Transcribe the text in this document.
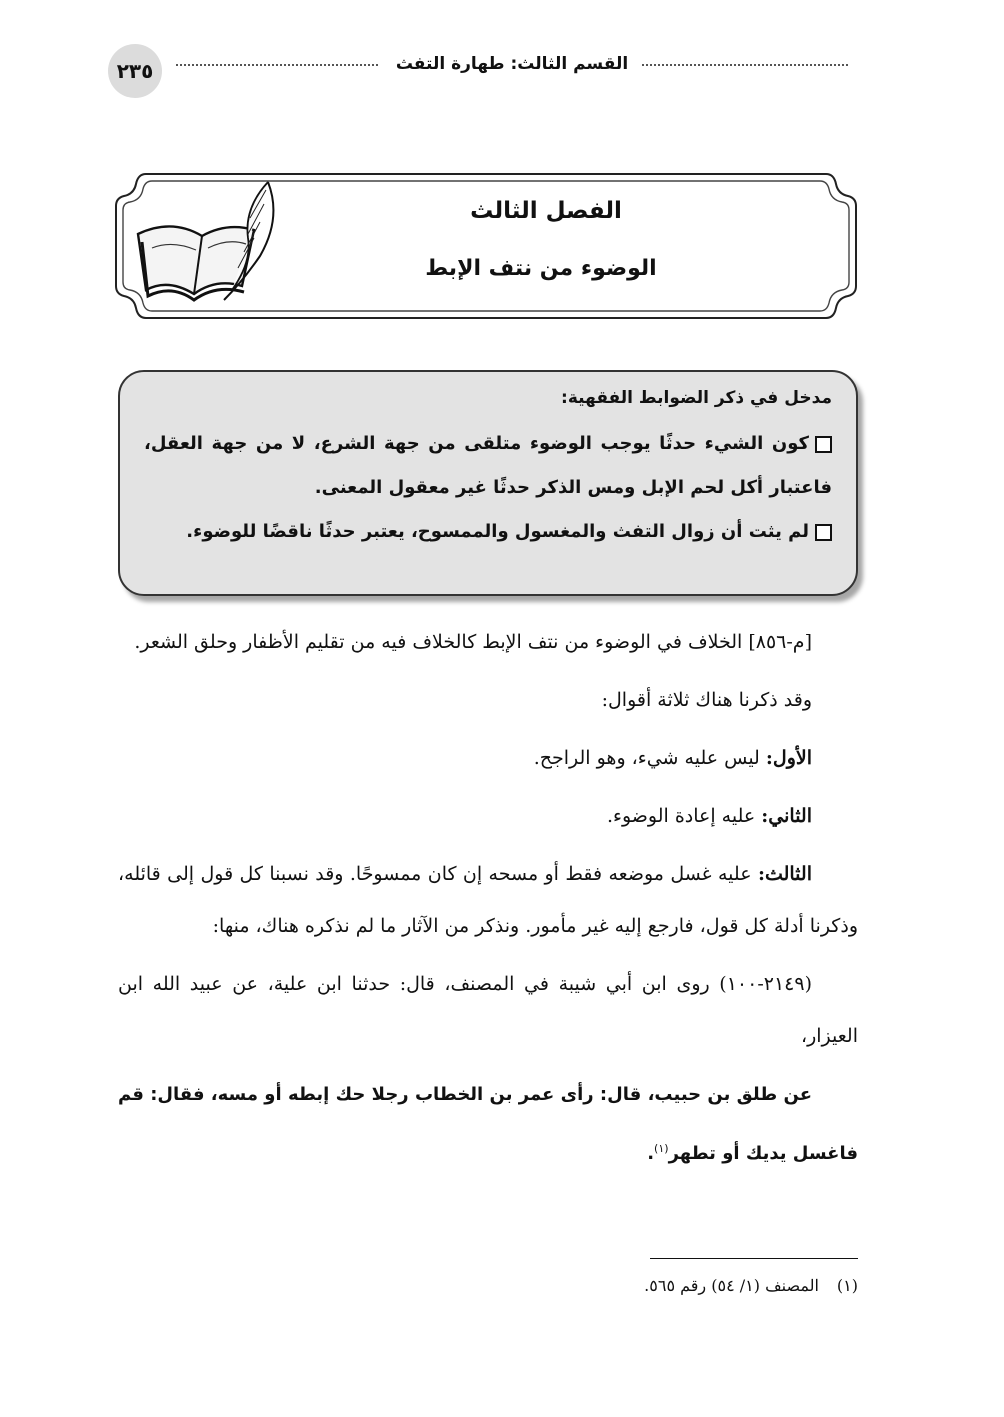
٢٣٥	القسم الثالث: طهارة التفث
الفصل الثالث
الوضوء من نتف الإبط

مدخل في ذكر الضوابط الفقهية:

كون الشيء حدثًا يوجب الوضوء متلقى من جهة الشرع، لا من جهة العقل، فاعتبار أكل لحم الإبل ومس الذكر حدثًا غير معقول المعنى.

لم يثت أن زوال التفث والمغسول والممسوح، يعتبر حدثًا ناقضًا للوضوء.

[م-٨٥٦] الخلاف في الوضوء من نتف الإبط كالخلاف فيه من تقليم الأظفار وحلق الشعر.

وقد ذكرنا هناك ثلاثة أقوال:

الأول: ليس عليه شيء، وهو الراجح.

الثاني: عليه إعادة الوضوء.

الثالث: عليه غسل موضعه فقط أو مسحه إن كان ممسوحًا. وقد نسبنا كل قول إلى قائله، وذكرنا أدلة كل قول، فارجع إليه غير مأمور. ونذكر من الآثار ما لم نذكره هناك، منها:

(٢١٤٩-١٠٠) روى ابن أبي شيبة في المصنف، قال: حدثنا ابن علية، عن عبيد الله ابن العيزار،

عن طلق بن حبيب، قال: رأى عمر بن الخطاب رجلا حك إبطه أو مسه، فقال: قم فاغسل يديك أو تطهر$^{(١)}$.

(١)المصنف (١/ ٥٤) رقم ٥٦٥.
